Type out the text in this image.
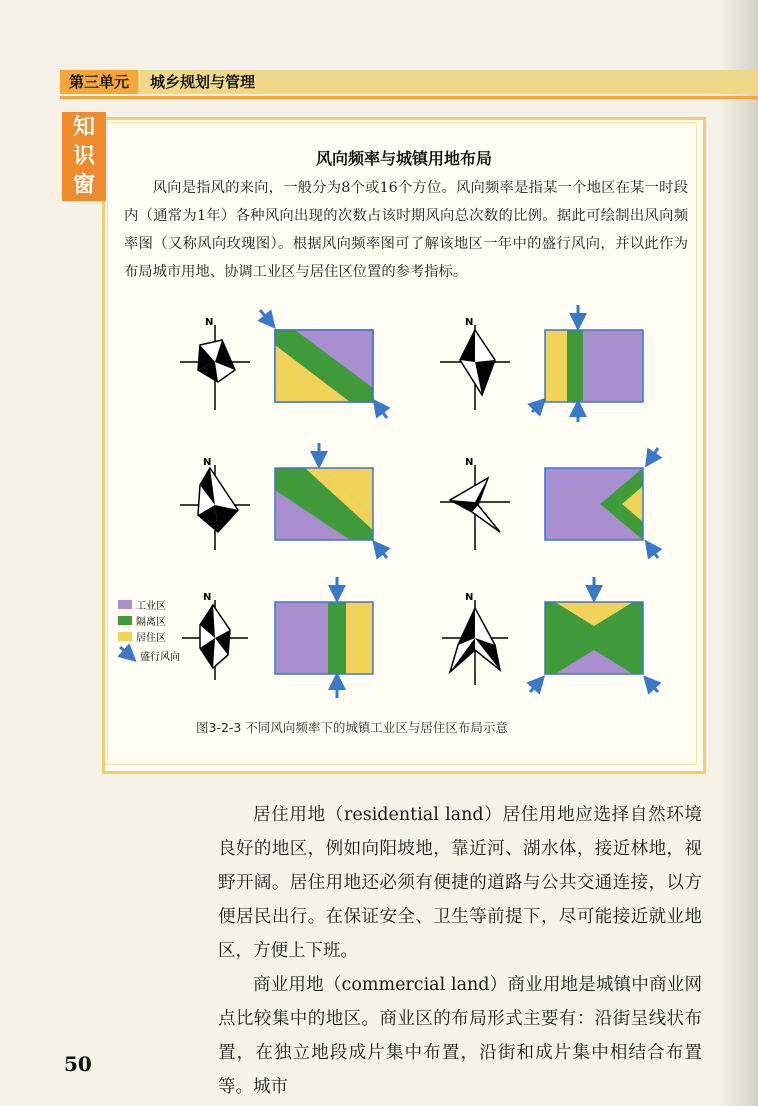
第三单元	城乡规划与管理
知
识
窗
风向频率与城镇用地布局

风向是指风的来向，一般分为8个或16个方位。风向频率是指某一个地区在某一时段内（通常为1年）各种风向出现的次数占该时期风向总次数的比例。据此可绘制出风向频率图（又称风向玫瑰图）。根据风向频率图可了解该地区一年中的盛行风向，并以此作为布局城市用地、协调工业区与居住区位置的参考指标。

N	N
N	N
N	N
工业区
隔离区
居住区
盛行风向
图3-2-3 不同风向频率下的城镇工业区与居住区布局示意

居住用地（residential land）居住用地应选择自然环境良好的地区，例如向阳坡地，靠近河、湖水体，接近林地，视野开阔。居住用地还必须有便捷的道路与公共交通连接，以方便居民出行。在保证安全、卫生等前提下，尽可能接近就业地区，方便上下班。

商业用地（commercial land）商业用地是城镇中商业网点比较集中的地区。商业区的布局形式主要有：沿街呈线状布置，在独立地段成片集中布置，沿街和成片集中相结合布置等。城市

50
